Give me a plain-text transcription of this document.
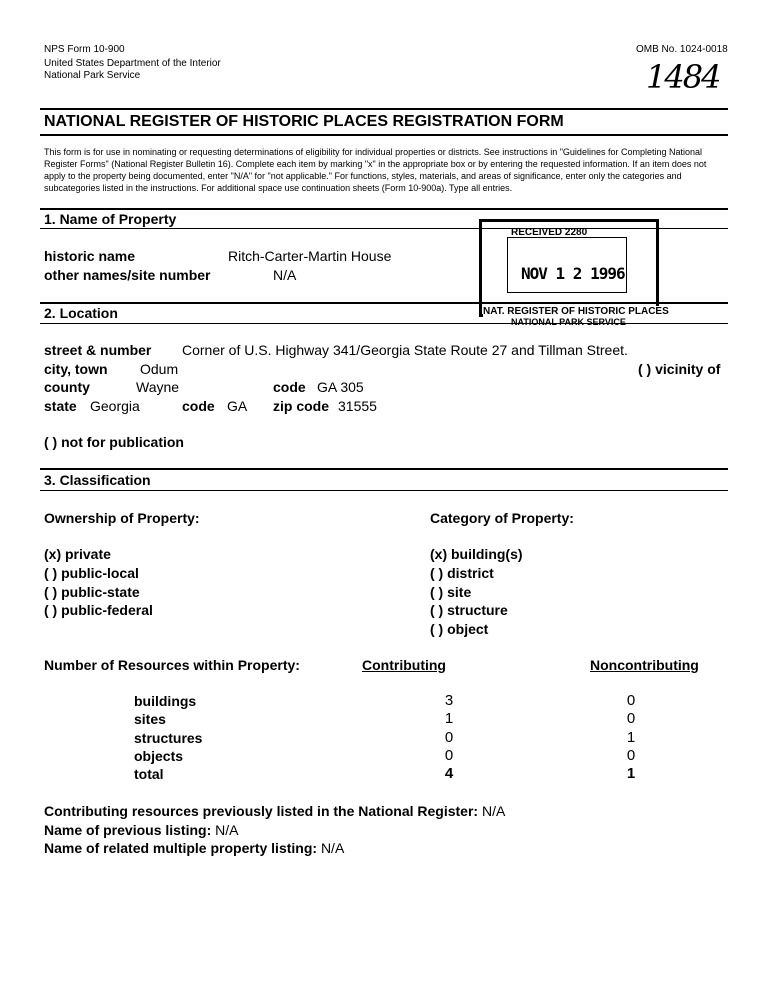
NPS Form 10-900
United States Department of the Interior
National Park Service
OMB No. 1024-0018
1484
NATIONAL REGISTER OF HISTORIC PLACES REGISTRATION FORM
This form is for use in nominating or requesting determinations of eligibility for individual properties or districts. See instructions in "Guidelines for Completing National Register Forms" (National Register Bulletin 16). Complete each item by marking "x" in the appropriate box or by entering the requested information. If an item does not apply to the property being documented, enter "N/A" for "not applicable." For functions, styles, materials, and areas of significance, enter only the categories and subcategories listed in the instructions. For additional space use continuation sheets (Form 10-900a). Type all entries.
1. Name of Property
historic name	Ritch-Carter-Martin House
other names/site number	N/A
RECEIVED 2280
NOV 1 2 1996
NAT. REGISTER OF HISTORIC PLACES
NATIONAL PARK SERVICE
2. Location
street & number Corner of U.S. Highway 341/Georgia State Route 27 and Tillman Street.
city, town Odum	( ) vicinity of
county	Wayne	code GA 305
state Georgia	code GA zip code 31555
( ) not for publication
3. Classification
Ownership of Property:	Category of Property:
(x) private
( ) public-local
( ) public-state
( ) public-federal
(x) building(s)
( ) district
( ) site
( ) structure
( ) object
Number of Resources within Property:	Contributing	Noncontributing
buildings	3	0
sites	1	0
structures	0	1
objects	0	0
total	4	1
Contributing resources previously listed in the National Register: N/A
Name of previous listing: N/A
Name of related multiple property listing: N/A
